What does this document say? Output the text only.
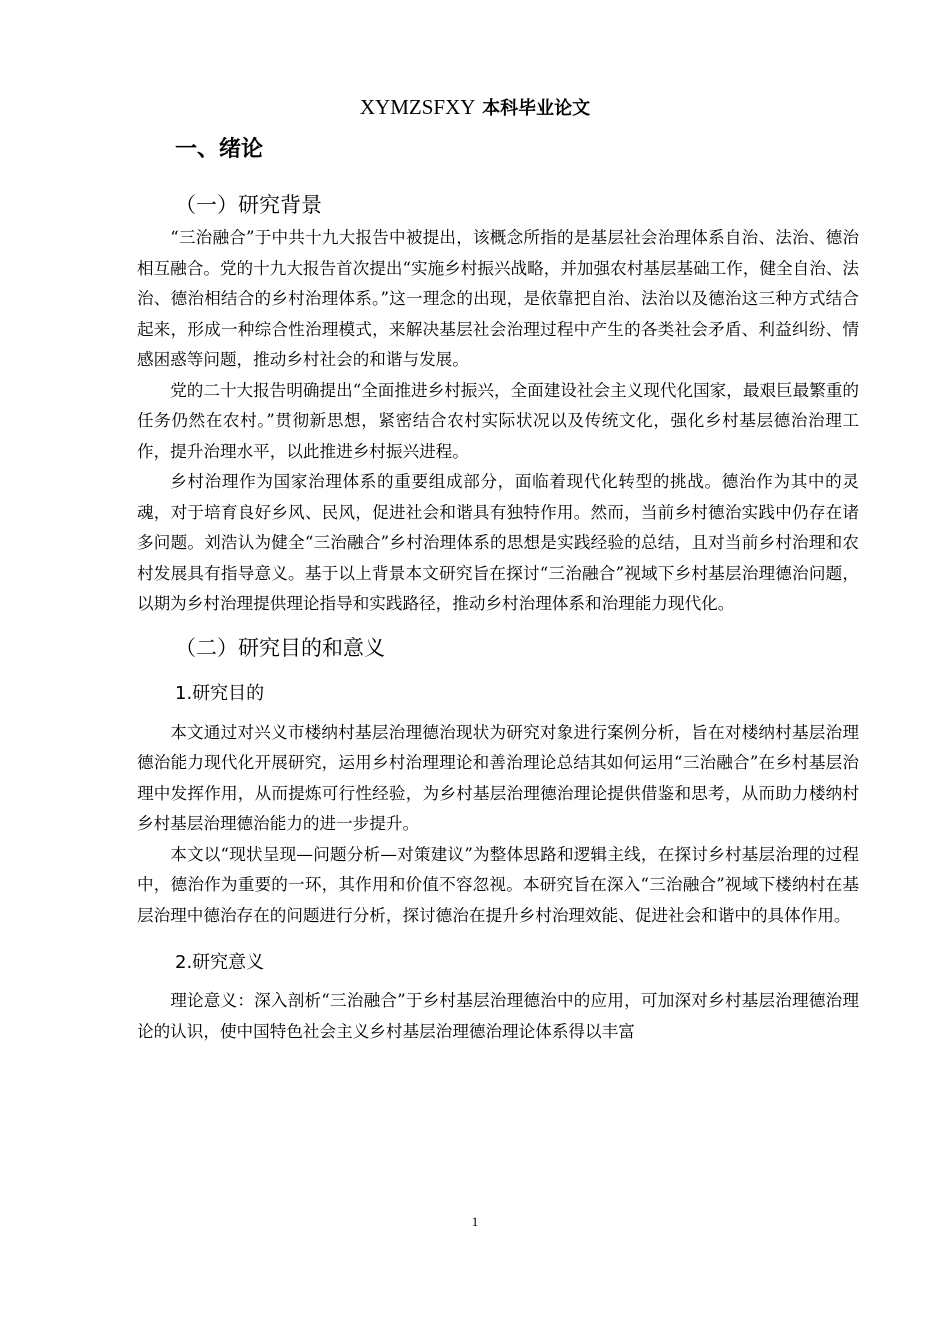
XYMZSFXY 本科毕业论文
一、绪论
（一）研究背景

“三治融合”于中共十九大报告中被提出，该概念所指的是基层社会治理体系自治、法治、德治相互融合。党的十九大报告首次提出“实施乡村振兴战略，并加强农村基层基础工作，健全自治、法治、德治相结合的乡村治理体系。”这一理念的出现，是依靠把自治、法治以及德治这三种方式结合起来，形成一种综合性治理模式，来解决基层社会治理过程中产生的各类社会矛盾、利益纠纷、情感困惑等问题，推动乡村社会的和谐与发展。

党的二十大报告明确提出“全面推进乡村振兴，全面建设社会主义现代化国家，最艰巨最繁重的任务仍然在农村。”贯彻新思想，紧密结合农村实际状况以及传统文化，强化乡村基层德治治理工作，提升治理水平，以此推进乡村振兴进程。

乡村治理作为国家治理体系的重要组成部分，面临着现代化转型的挑战。德治作为其中的灵魂，对于培育良好乡风、民风，促进社会和谐具有独特作用。然而，当前乡村德治实践中仍存在诸多问题。刘浩认为健全“三治融合”乡村治理体系的思想是实践经验的总结，且对当前乡村治理和农村发展具有指导意义。基于以上背景本文研究旨在探讨“三治融合”视域下乡村基层治理德治问题，以期为乡村治理提供理论指导和实践路径，推动乡村治理体系和治理能力现代化。

（二）研究目的和意义
1.研究目的

本文通过对兴义市楼纳村基层治理德治现状为研究对象进行案例分析，旨在对楼纳村基层治理德治能力现代化开展研究，运用乡村治理理论和善治理论总结其如何运用“三治融合”在乡村基层治理中发挥作用，从而提炼可行性经验，为乡村基层治理德治理论提供借鉴和思考，从而助力楼纳村乡村基层治理德治能力的进一步提升。

本文以“现状呈现—问题分析—对策建议”为整体思路和逻辑主线，在探讨乡村基层治理的过程中，德治作为重要的一环，其作用和价值不容忽视。本研究旨在深入“三治融合”视域下楼纳村在基层治理中德治存在的问题进行分析，探讨德治在提升乡村治理效能、促进社会和谐中的具体作用。

2.研究意义

理论意义：深入剖析“三治融合”于乡村基层治理德治中的应用，可加深对乡村基层治理德治理论的认识，使中国特色社会主义乡村基层治理德治理论体系得以丰富

1
